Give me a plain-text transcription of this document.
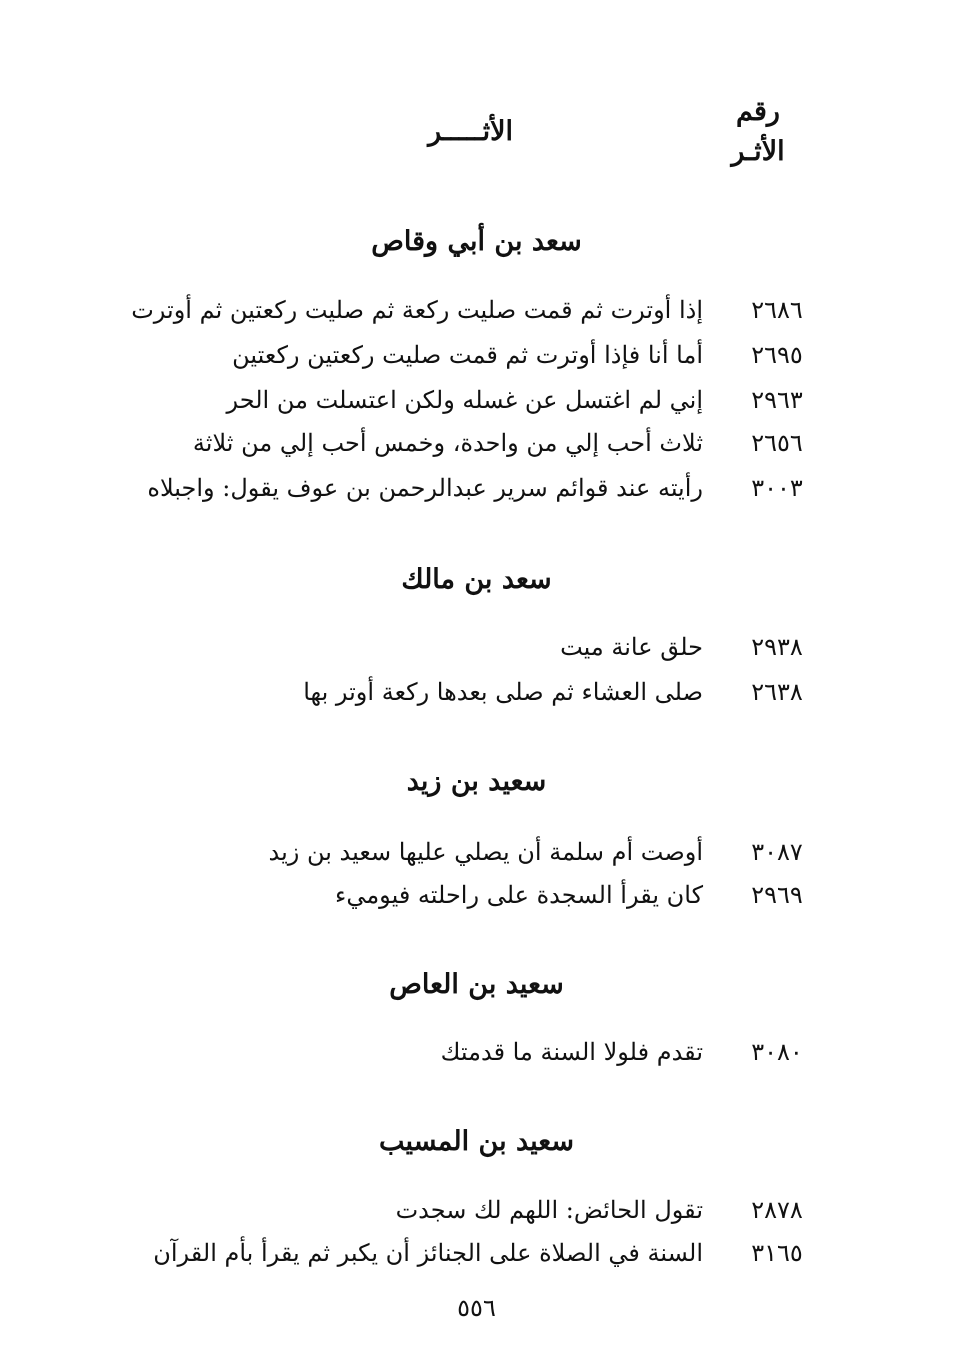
رقم
الأثـر
الأثـــــر
سعد بن أبي وقاص
٢٦٨٦
إذا أوترت ثم قمت صليت ركعة ثم صليت ركعتين ثم أوترت
٢٦٩٥
أما أنا فإذا أوترت ثم قمت صليت ركعتين ركعتين
٢٩٦٣
إني لم اغتسل عن غسله ولكن اعتسلت من الحر
٢٦٥٦
ثلاث أحب إلي من واحدة، وخمس أحب إلي من ثلاثة
٣٠٠٣
رأيته عند قوائم سرير عبدالرحمن بن عوف يقول: واجبلاه
سعد بن مالك
٢٩٣٨
حلق عانة ميت
٢٦٣٨
صلى العشاء ثم صلى بعدها ركعة أوتر بها
سعيد بن زيد
٣٠٨٧
أوصت أم سلمة أن يصلي عليها سعيد بن زيد
٢٩٦٩
كان يقرأ السجدة على راحلته فيوميء
سعيد بن العاص
٣٠٨٠
تقدم فلولا السنة ما قدمتك
سعيد بن المسيب
٢٨٧٨
تقول الحائض: اللهم لك سجدت
٣١٦٥
السنة في الصلاة على الجنائز أن يكبر ثم يقرأ بأم القرآن
٥٥٦
